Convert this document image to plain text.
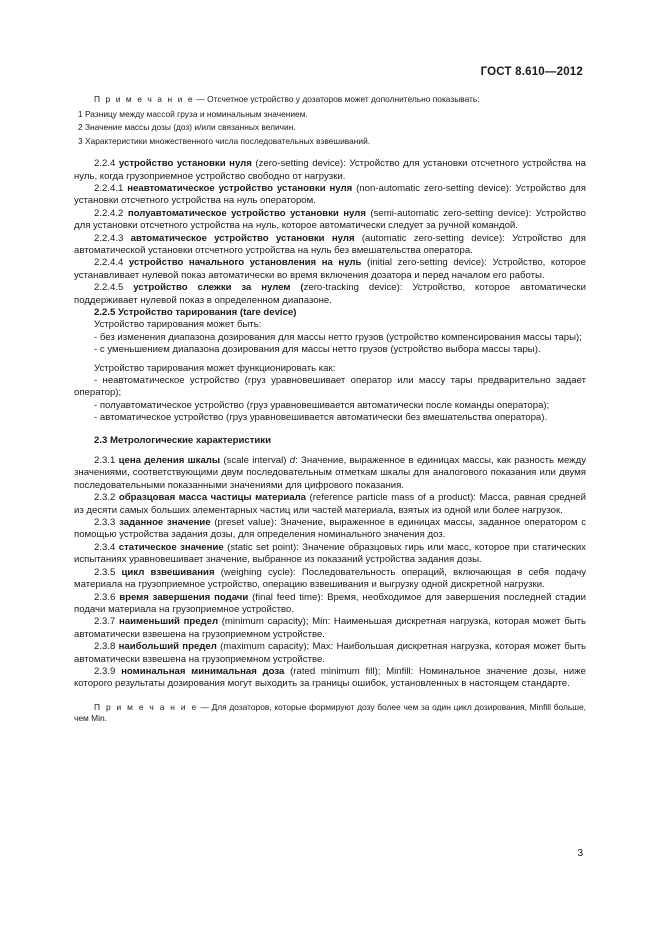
ГОСТ 8.610—2012

П р и м е ч а н и е — Отсчетное устройство у дозаторов может дополнительно показывать:

1 Разницу между массой груза и номинальным значением.
2 Значение массы дозы (доз) и/или связанных величин.
3 Характеристики множественного числа последовательных взвешиваний.

2.2.4 устройство установки нуля (zero-setting device): Устройство для установки отсчетного устройства на нуль, когда грузоприемное устройство свободно от нагрузки.

2.2.4.1 неавтоматическое устройство установки нуля (non-automatic zero-setting device): Устройство для установки отсчетного устройства на нуль оператором.

2.2.4.2 полуавтоматическое устройство установки нуля (semi-automatic zero-setting device): Устройство для установки отсчетного устройства на нуль, которое автоматически следует за ручной командой.

2.2.4.3 автоматическое устройство установки нуля (automatic zero-setting device): Устройство для автоматической установки отсчетного устройства на нуль без вмешательства оператора.

2.2.4.4 устройство начального установления на нуль (initial zero-setting device): Устройство, которое устанавливает нулевой показ автоматически во время включения дозатора и перед началом его работы.

2.2.4.5 устройство слежки за нулем (zero-tracking device): Устройство, которое автоматически поддерживает нулевой показ в определенном диапазоне.

2.2.5 Устройство тарирования (tare device)

Устройство тарирования может быть:

- без изменения диапазона дозирования для массы нетто грузов (устройство компенсирования массы тары);

- с уменьшением диапазона дозирования для массы нетто грузов (устройство выбора массы тары).

Устройство тарирования может функционировать как:

- неавтоматическое устройство (груз уравновешивает оператор или массу тары предварительно задает оператор);

- полуавтоматическое устройство (груз уравновешивается автоматически после команды оператора);

- автоматическое устройство (груз уравновешивается автоматически без вмешательства оператора).

2.3 Метрологические характеристики

2.3.1 цена деления шкалы (scale interval) d: Значение, выраженное в единицах массы, как разность между значениями, соответствующими двум последовательным отметкам шкалы для аналогового показания или двумя последовательными показанными значениями для цифрового показания.

2.3.2 образцовая масса частицы материала (reference particle mass of a product): Масса, равная средней из десяти самых больших элементарных частиц или частей материала, взятых из одной или более нагрузок.

2.3.3 заданное значение (preset value): Значение, выраженное в единицах массы, заданное оператором с помощью устройства задания дозы, для определения номинального значения доз.

2.3.4 статическое значение (static set point): Значение образцовых гирь или масс, которое при статических испытаниях уравновешивает значение, выбранное из показаний устройства задания дозы.

2.3.5 цикл взвешивания (weighing cycle): Последовательность операций, включающая в себя подачу материала на грузоприемное устройство, операцию взвешивания и выгрузку одной дискретной нагрузки.

2.3.6 время завершения подачи (final feed time): Время, необходимое для завершения последней стадии подачи материала на грузоприемное устройство.

2.3.7 наименьший предел (minimum capacity); Min: Наименьшая дискретная нагрузка, которая может быть автоматически взвешена на грузоприемном устройстве.

2.3.8 наибольший предел (maximum capacity); Max: Наибольшая дискретная нагрузка, которая может быть автоматически взвешена на грузоприемном устройстве.

2.3.9 номинальная минимальная доза (rated minimum fill); Minfill: Номинальное значение дозы, ниже которого результаты дозирования могут выходить за границы ошибок, установленных в настоящем стандарте.

П р и м е ч а н и е — Для дозаторов, которые формируют дозу более чем за один цикл дозирования, Minfill больше, чем Min.

3
